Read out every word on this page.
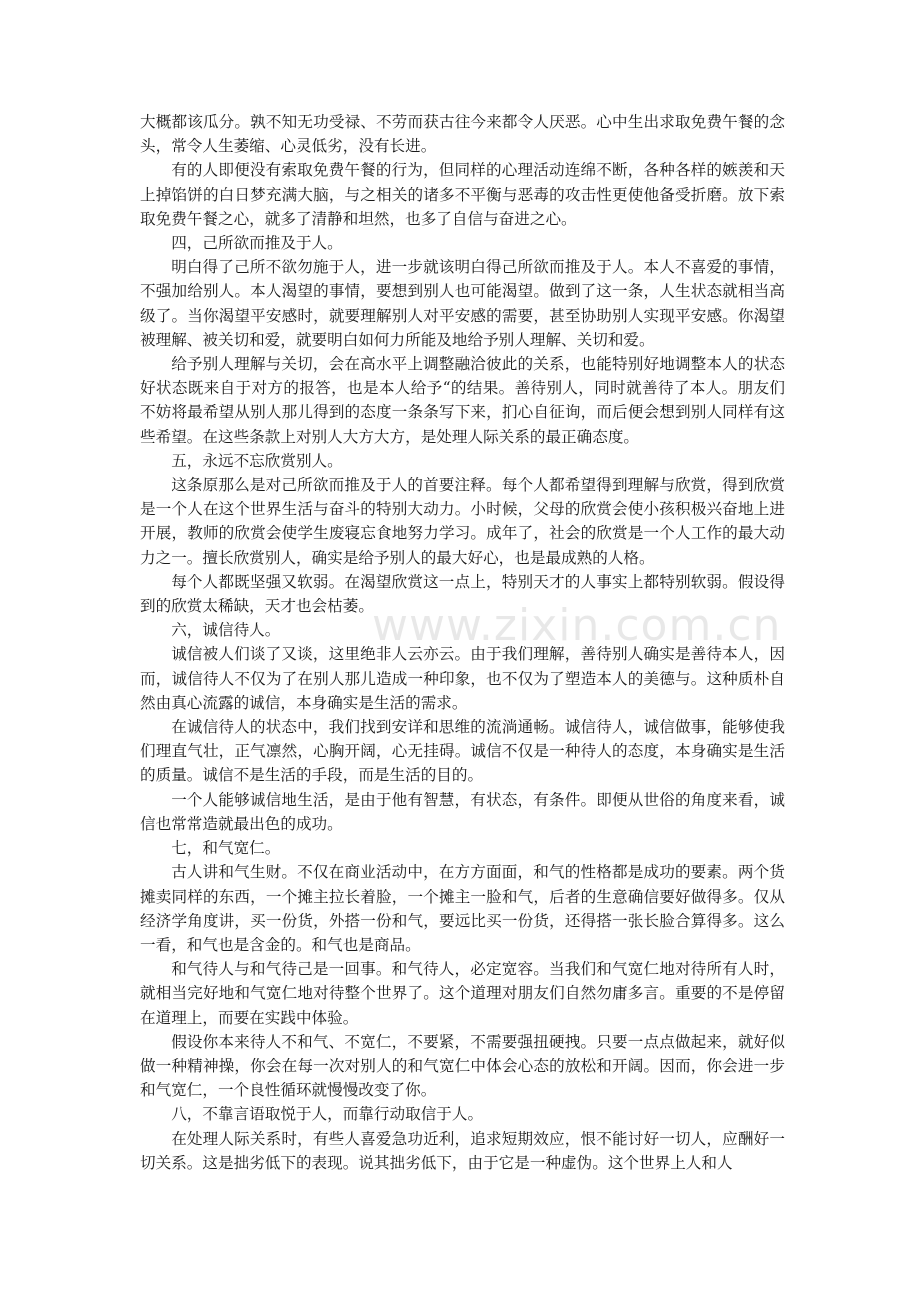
大概都该瓜分。孰不知无功受禄、不劳而获古往今来都令人厌恶。心中生出求取免费午餐的念头，常令人生萎缩、心灵低劣，没有长进。

有的人即便没有索取免费午餐的行为，但同样的心理活动连绵不断，各种各样的嫉羡和天上掉馅饼的白日梦充满大脑，与之相关的诸多不平衡与恶毒的攻击性更使他备受折磨。放下索取免费午餐之心，就多了清静和坦然，也多了自信与奋进之心。

四，己所欲而推及于人。

明白得了己所不欲勿施于人，进一步就该明白得己所欲而推及于人。本人不喜爱的事情，不强加给别人。本人渴望的事情，要想到别人也可能渴望。做到了这一条，人生状态就相当高级了。当你渴望平安感时，就要理解别人对平安感的需要，甚至协助别人实现平安感。你渴望被理解、被关切和爱，就要明白如何力所能及地给予别人理解、关切和爱。

给予别人理解与关切，会在高水平上调整融洽彼此的关系，也能特别好地调整本人的状态好状态既来自于对方的报答，也是本人给予“的结果。善待别人，同时就善待了本人。朋友们不妨将最希望从别人那儿得到的态度一条条写下来，扪心自征询，而后便会想到别人同样有这些希望。在这些条款上对别人大方大方，是处理人际关系的最正确态度。

五，永远不忘欣赏别人。

这条原那么是对己所欲而推及于人的首要注释。每个人都希望得到理解与欣赏，得到欣赏是一个人在这个世界生活与奋斗的特别大动力。小时候，父母的欣赏会使小孩积极兴奋地上进开展，教师的欣赏会使学生废寝忘食地努力学习。成年了，社会的欣赏是一个人工作的最大动力之一。擅长欣赏别人，确实是给予别人的最大好心，也是最成熟的人格。

每个人都既坚强又软弱。在渴望欣赏这一点上，特别天才的人事实上都特别软弱。假设得到的欣赏太稀缺，天才也会枯萎。

六，诚信待人。

诚信被人们谈了又谈，这里绝非人云亦云。由于我们理解，善待别人确实是善待本人，因而，诚信待人不仅为了在别人那儿造成一种印象，也不仅为了塑造本人的美德与。这种质朴自然由真心流露的诚信，本身确实是生活的需求。

在诚信待人的状态中，我们找到安详和思维的流淌通畅。诚信待人，诚信做事，能够使我们理直气壮，正气凛然，心胸开阔，心无挂碍。诚信不仅是一种待人的态度，本身确实是生活的质量。诚信不是生活的手段，而是生活的目的。

一个人能够诚信地生活，是由于他有智慧，有状态，有条件。即便从世俗的角度来看，诚信也常常造就最出色的成功。

七，和气宽仁。

古人讲和气生财。不仅在商业活动中，在方方面面，和气的性格都是成功的要素。两个货摊卖同样的东西，一个摊主拉长着脸，一个摊主一脸和气，后者的生意确信要好做得多。仅从经济学角度讲，买一份货，外搭一份和气，要远比买一份货，还得搭一张长脸合算得多。这么一看，和气也是含金的。和气也是商品。

和气待人与和气待己是一回事。和气待人，必定宽容。当我们和气宽仁地对待所有人时，就相当完好地和气宽仁地对待整个世界了。这个道理对朋友们自然勿庸多言。重要的不是停留在道理上，而要在实践中体验。

假设你本来待人不和气、不宽仁，不要紧，不需要强扭硬拽。只要一点点做起来，就好似做一种精神操，你会在每一次对别人的和气宽仁中体会心态的放松和开阔。因而，你会进一步和气宽仁，一个良性循环就慢慢改变了你。

八，不靠言语取悦于人，而靠行动取信于人。

在处理人际关系时，有些人喜爱急功近利，追求短期效应，恨不能讨好一切人，应酬好一切关系。这是拙劣低下的表现。说其拙劣低下，由于它是一种虚伪。这个世界上人和人

www.zixin.com.cn
